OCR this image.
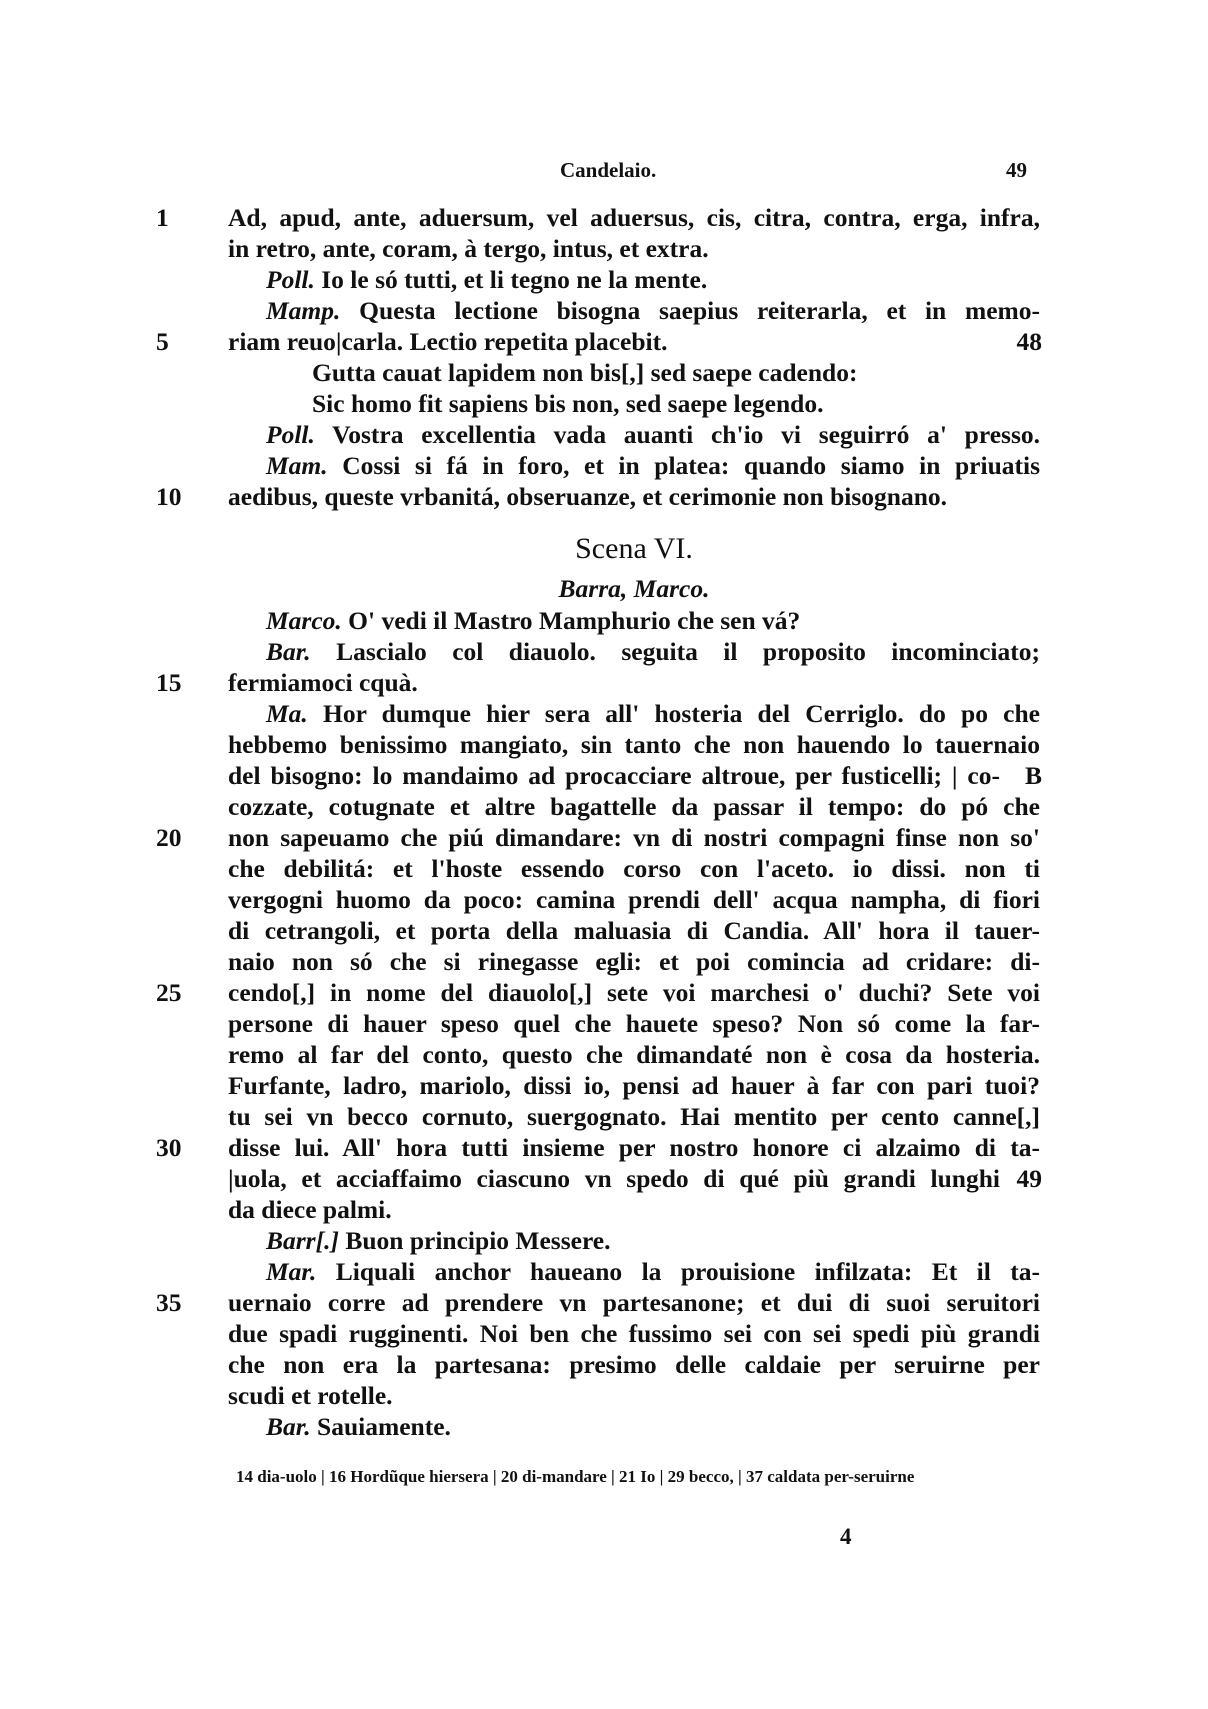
Candelaio.	49
1	Ad, apud, ante, aduersum, vel aduersus, cis, citra, contra, erga, infra,
in retro, ante, coram, à tergo, intus, et extra.
Poll. Io le só tutti, et li tegno ne la mente.
Mamp. Questa lectione bisogna saepius reiterarla, et in memo-
5	riam reuo|carla. Lectio repetita placebit.	48
Gutta cauat lapidem non bis[,] sed saepe cadendo:
Sic homo fit sapiens bis non, sed saepe legendo.
Poll. Vostra excellentia vada auanti ch'io vi seguirró a' presso.
Mam. Cossi si fá in foro, et in platea: quando siamo in priuatis
10	aedibus, queste vrbanitá, obseruanze, et cerimonie non bisognano.
Scena VI.
Barra, Marco.
Marco. O' vedi il Mastro Mamphurio che sen vá?
Bar. Lascialo col diauolo. seguita il proposito incominciato;
15	fermiamoci cquà.
Ma. Hor dumque hier sera all' hosteria del Cerriglo. do po che
hebbemo benissimo mangiato, sin tanto che non hauendo lo tauernaio
del bisogno: lo mandaimo ad procacciare altroue, per fusticelli; | co- B
cozzate, cotugnate et altre bagattelle da passar il tempo: do pó che
20	non sapeuamo che piú dimandare: vn di nostri compagni finse non so'
che debilitá: et l'hoste essendo corso con l'aceto. io dissi. non ti
vergogni huomo da poco: camina prendi dell' acqua nampha, di fiori
di cetrangoli, et porta della maluasia di Candia. All' hora il tauer-
naio non só che si rinegasse egli: et poi comincia ad cridare: di-
25	cendo[,] in nome del diauolo[,] sete voi marchesi o' duchi? Sete voi
persone di hauer speso quel che hauete speso? Non só come la far-
remo al far del conto, questo che dimandaté non è cosa da hosteria.
Furfante, ladro, mariolo, dissi io, pensi ad hauer à far con pari tuoi?
tu sei vn becco cornuto, suergognato. Hai mentito per cento canne[,]
30	disse lui. All' hora tutti insieme per nostro honore ci alzaimo di ta-
|uola, et acciaffaimo ciascuno vn spedo di qué più grandi lunghi 49
da diece palmi.
Barr[.] Buon principio Messere.
Mar. Liquali anchor haueano la prouisione infilzata: Et il ta-
35	uernaio corre ad prendere vn partesanone; et dui di suoi seruitori
due spadi rugginenti. Noi ben che fussimo sei con sei spedi più grandi
che non era la partesana: presimo delle caldaie per seruirne per
scudi et rotelle.
Bar. Sauiamente.
14 dia-uolo | 16 Hordũque hiersera | 20 di-mandare | 21 Io | 29 becco, | 37 caldata per-seruirne
4
